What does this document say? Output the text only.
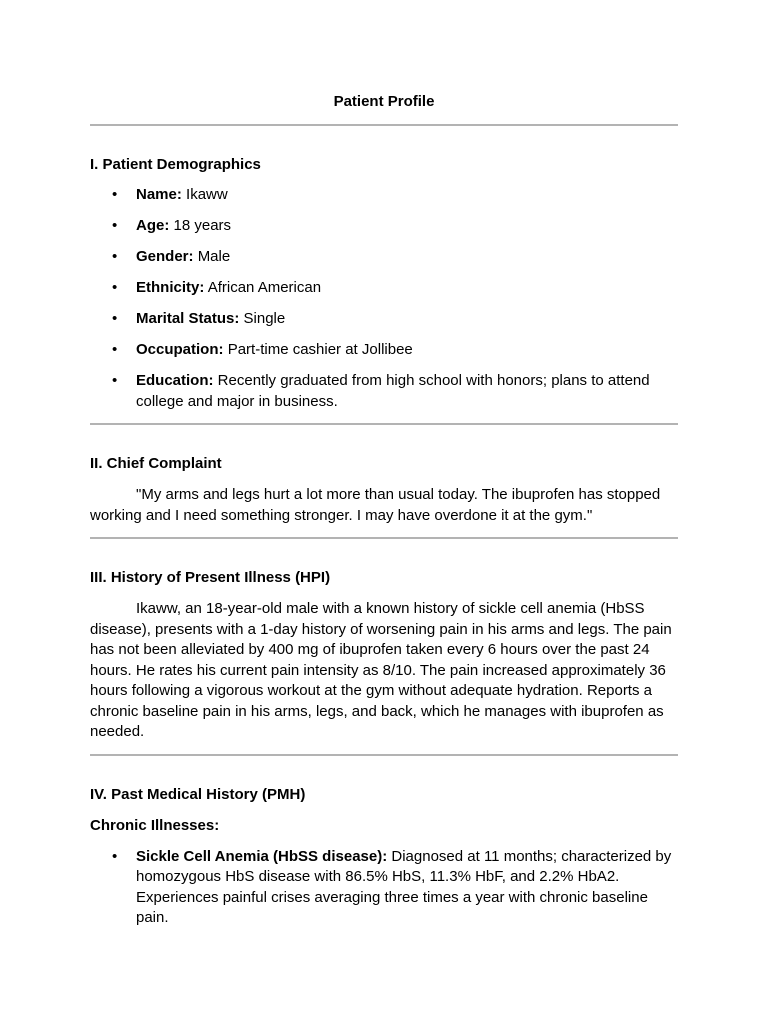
Patient Profile

I. Patient Demographics

• Name: Ikaww
• Age: 18 years
• Gender: Male
• Ethnicity: African American
• Marital Status: Single
• Occupation: Part-time cashier at Jollibee
• Education: Recently graduated from high school with honors; plans to attend college and major in business.

II. Chief Complaint

"My arms and legs hurt a lot more than usual today. The ibuprofen has stopped working and I need something stronger. I may have overdone it at the gym."

III. History of Present Illness (HPI)

Ikaww, an 18-year-old male with a known history of sickle cell anemia (HbSS disease), presents with a 1-day history of worsening pain in his arms and legs. The pain has not been alleviated by 400 mg of ibuprofen taken every 6 hours over the past 24 hours. He rates his current pain intensity as 8/10. The pain increased approximately 36 hours following a vigorous workout at the gym without adequate hydration. Reports a chronic baseline pain in his arms, legs, and back, which he manages with ibuprofen as needed.

IV. Past Medical History (PMH)

Chronic Illnesses:

• Sickle Cell Anemia (HbSS disease): Diagnosed at 11 months; characterized by homozygous HbS disease with 86.5% HbS, 11.3% HbF, and 2.2% HbA2. Experiences painful crises averaging three times a year with chronic baseline pain.
